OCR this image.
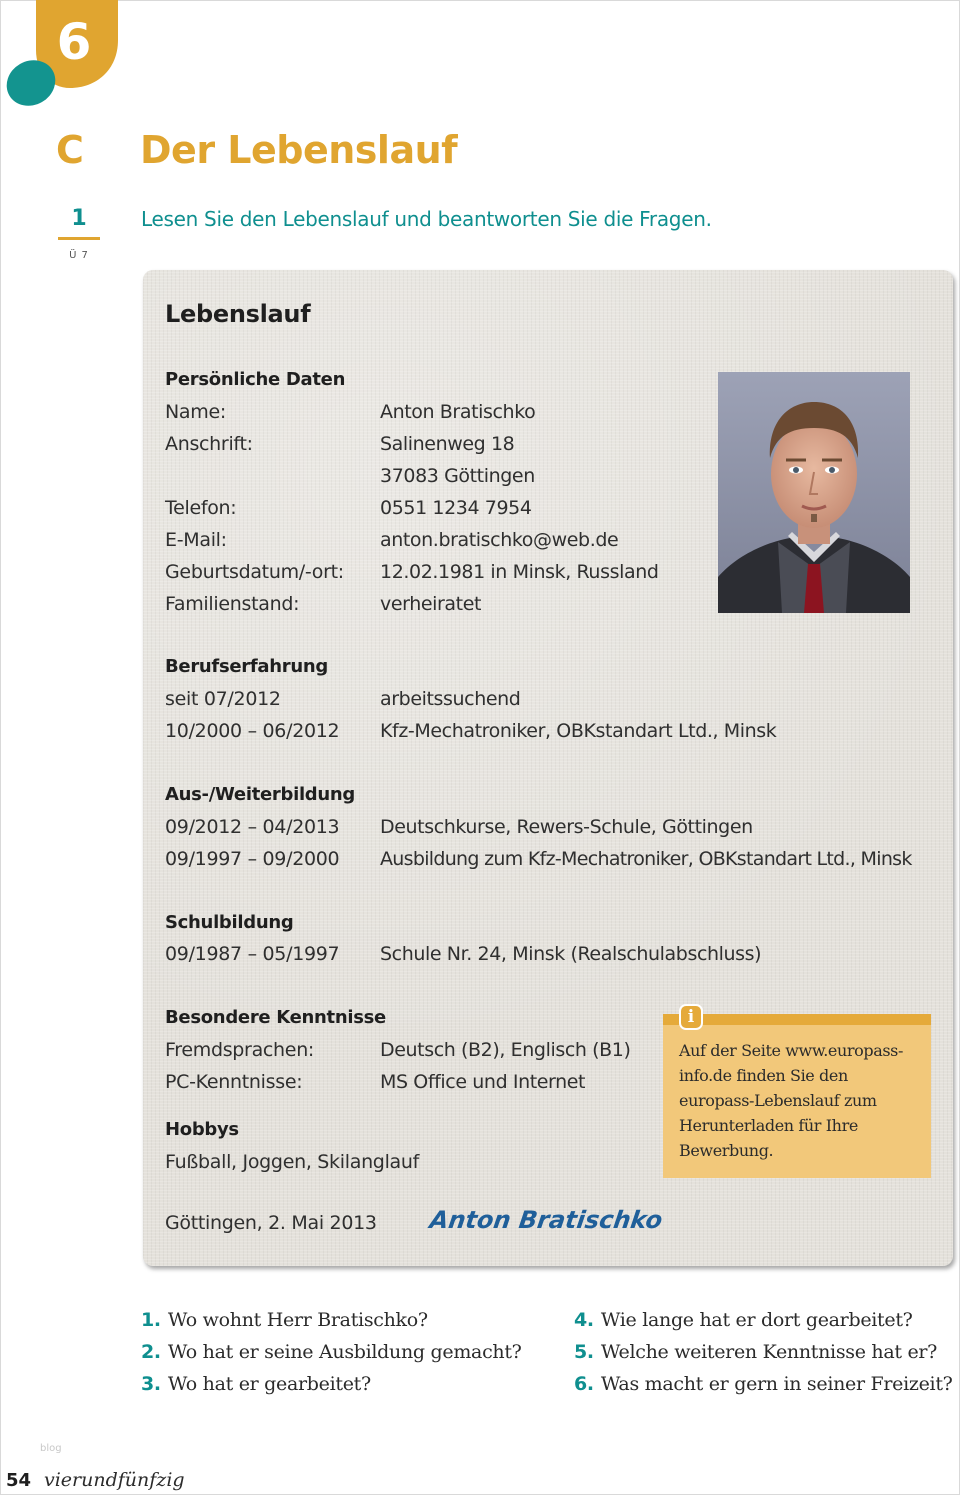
6
C Der Lebenslauf
1
Ü 7
Lesen Sie den Lebenslauf und beantworten Sie die Fragen.
Lebenslauf
Persönliche Daten
Name:	Anton Bratischko
Anschrift:	Salinenweg 18
37083 Göttingen
Telefon:	0551 1234 7954
E-Mail:	anton.bratischko@web.de
Geburtsdatum/-ort: 12.02.1981 in Minsk, Russland
Familienstand:	verheiratet
Berufserfahrung
seit 07/2012	arbeitssuchend
10/2000 – 06/2012 Kfz-Mechatroniker, OBKstandart Ltd., Minsk
Aus-/Weiterbildung
09/2012 – 04/2013 Deutschkurse, Rewers-Schule, Göttingen
09/1997 – 09/2000 Ausbildung zum Kfz-Mechatroniker, OBKstandart Ltd., Minsk
Schulbildung
09/1987 – 05/1997 Schule Nr. 24, Minsk (Realschulabschluss)
Besondere Kenntnisse
Fremdsprachen:	Deutsch (B2), Englisch (B1)
PC-Kenntnisse:	MS Office und Internet
Hobbys
Fußball, Joggen, Skilanglauf
Auf der Seite www.europass-info.de finden Sie den europass-Lebenslauf zum Herunterladen für Ihre Bewerbung.
i
Göttingen, 2. Mai 2013 Anton Bratischko
1. Wo wohnt Herr Bratischko?
2. Wo hat er seine Ausbildung gemacht?
3. Wo hat er gearbeitet?
4. Wie lange hat er dort gearbeitet?
5. Welche weiteren Kenntnisse hat er?
6. Was macht er gern in seiner Freizeit?
blog
54 vierundfünfzig
